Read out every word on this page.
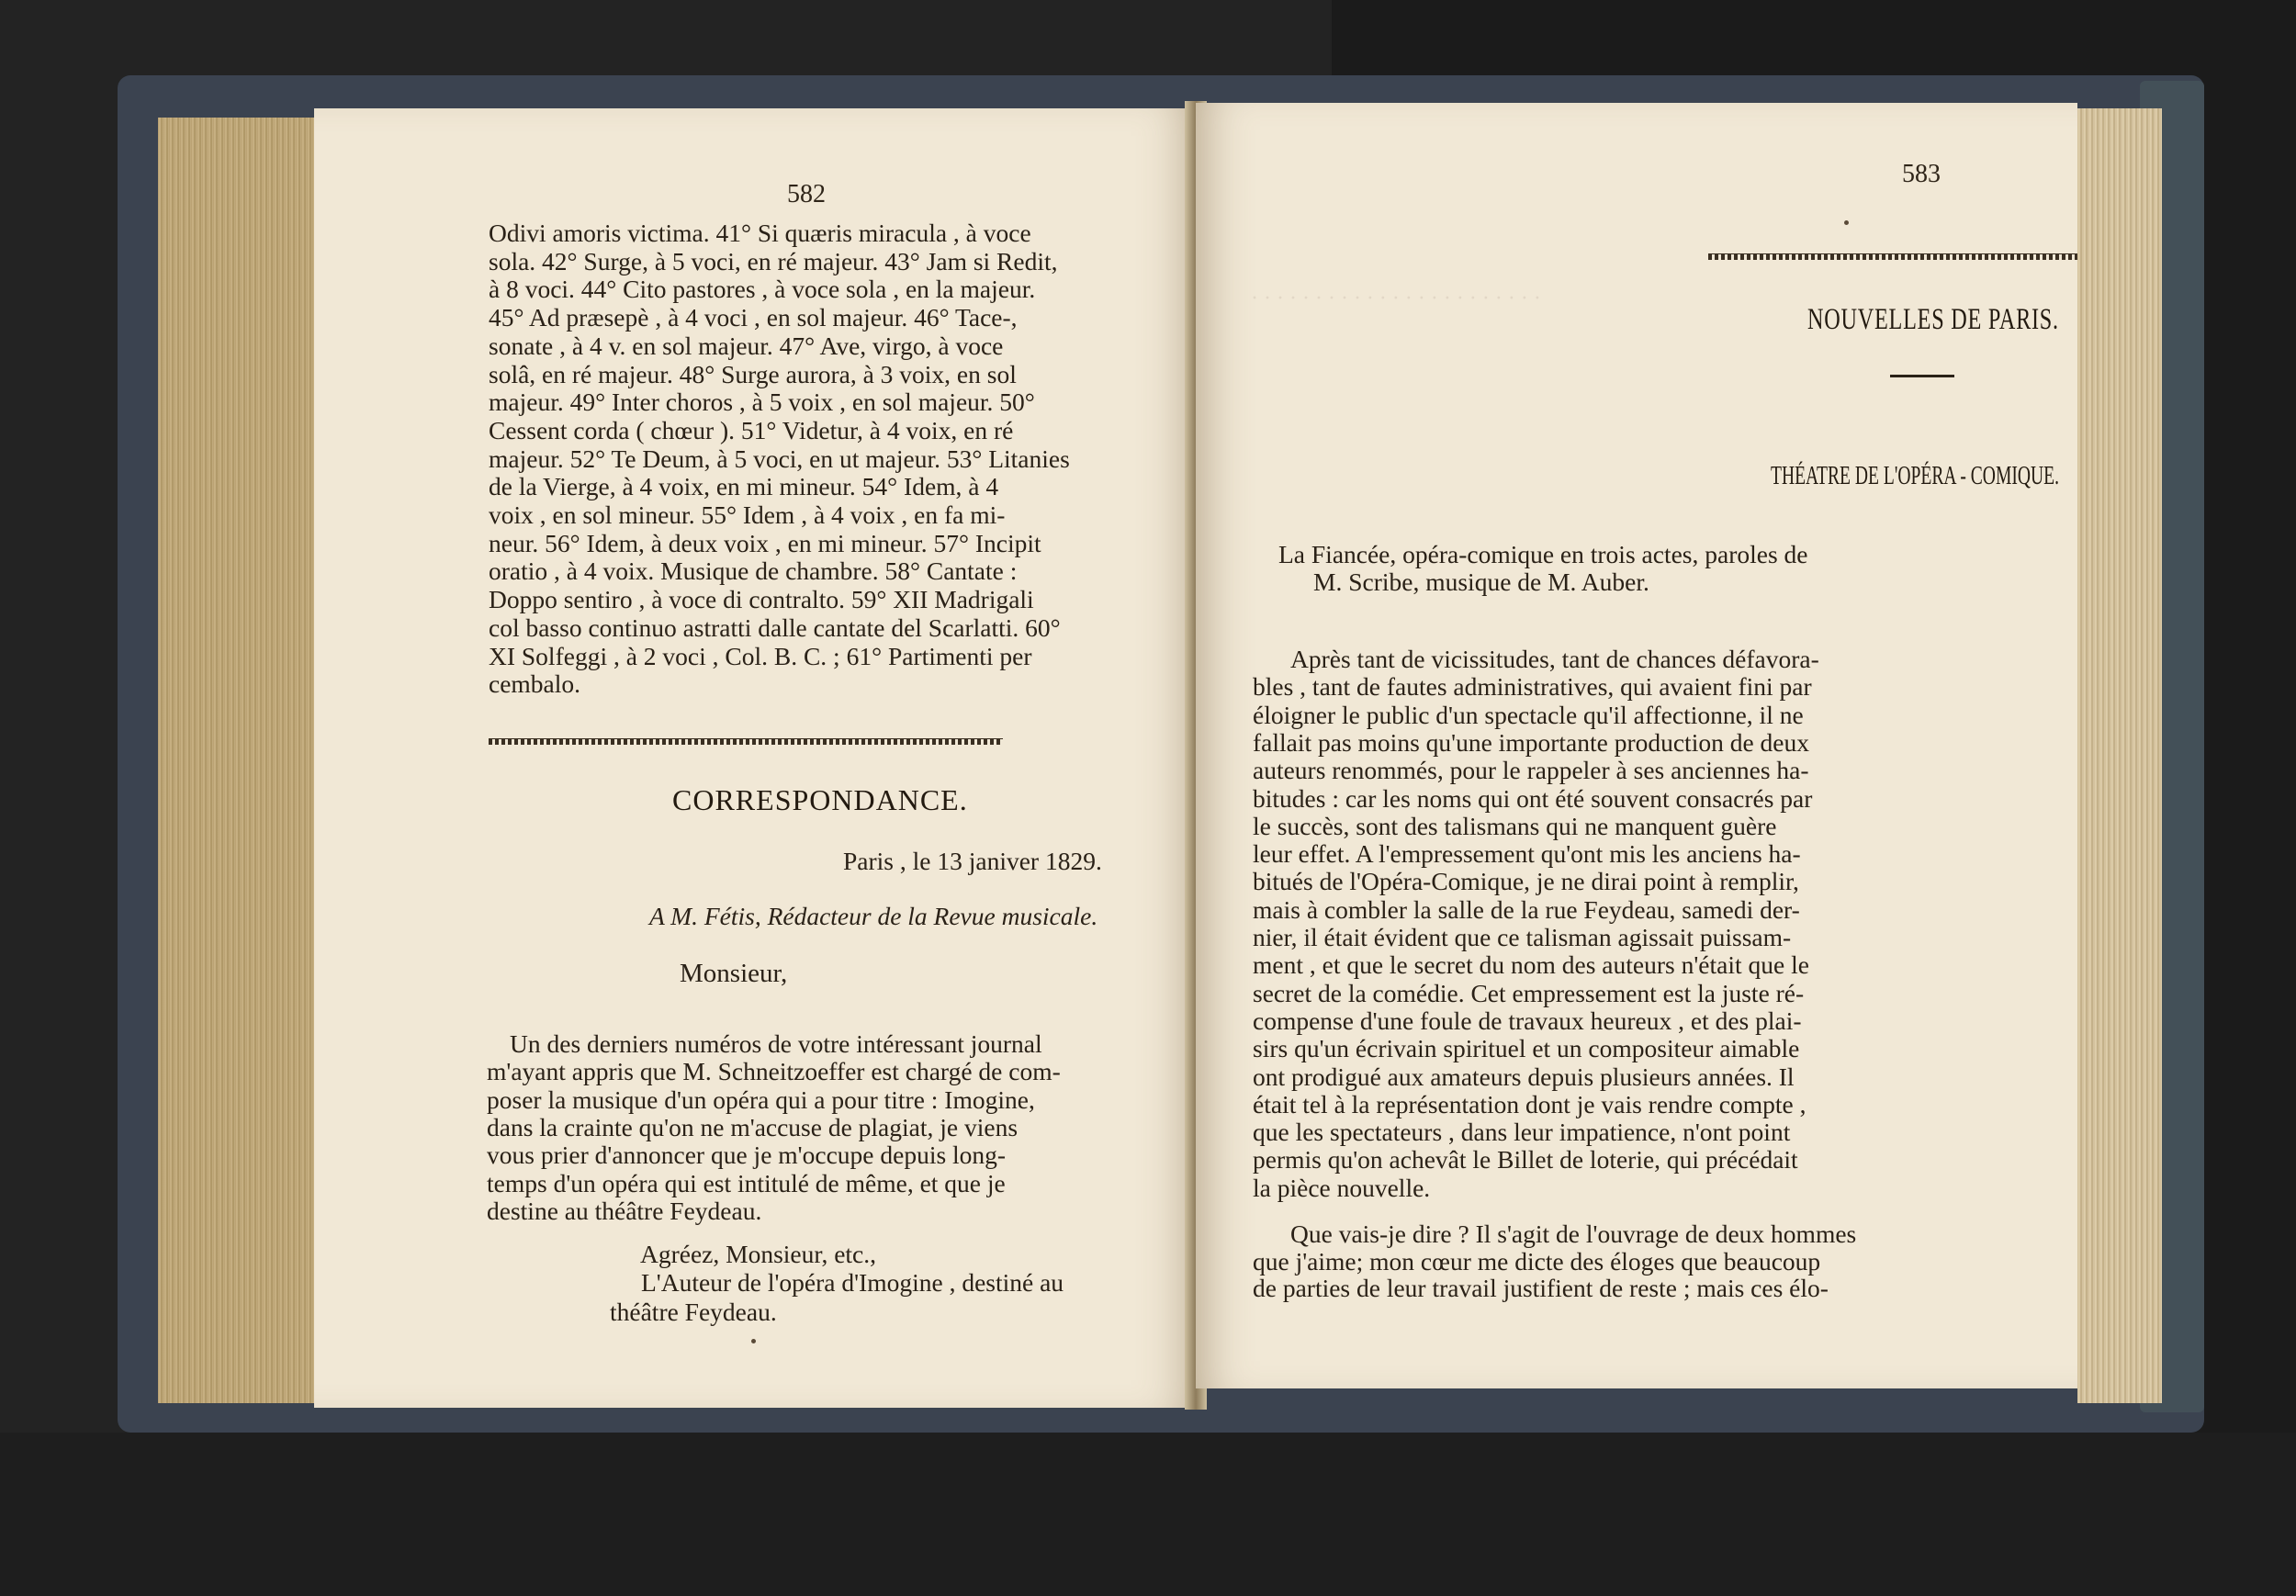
582
Odivi amoris victima. 41° Si quæris miracula , à voce
sola. 42° Surge, à 5 voci, en ré majeur. 43° Jam si Redit,
à 8 voci. 44° Cito pastores , à voce sola , en la majeur.
45° Ad præsepè , à 4 voci , en sol majeur. 46° Tace-,
sonate , à 4 v. en sol majeur. 47° Ave, virgo, à voce
solâ, en ré majeur. 48° Surge aurora, à 3 voix, en sol
majeur. 49° Inter choros , à 5 voix , en sol majeur. 50°
Cessent corda ( chœur ). 51° Videtur, à 4 voix, en ré
majeur. 52° Te Deum, à 5 voci, en ut majeur. 53° Litanies
de la Vierge, à 4 voix, en mi mineur. 54° Idem, à 4
voix , en sol mineur. 55° Idem , à 4 voix , en fa mi-
neur. 56° Idem, à deux voix , en mi mineur. 57° Incipit
oratio , à 4 voix. Musique de chambre. 58° Cantate :
Doppo sentiro , à voce di contralto. 59° XII Madrigali
col basso continuo astratti dalle cantate del Scarlatti. 60°
XI Solfeggi , à 2 voci , Col. B. C. ; 61° Partimenti per
cembalo.
CORRESPONDANCE.
Paris , le 13 janiver 1829.
A M. Fétis, Rédacteur de la Revue musicale.
Monsieur,
Un des derniers numéros de votre intéressant journal
m'ayant appris que M. Schneitzoeffer est chargé de com-
poser la musique d'un opéra qui a pour titre : Imogine,
dans la crainte qu'on ne m'accuse de plagiat, je viens
vous prier d'annoncer que je m'occupe depuis long-
temps d'un opéra qui est intitulé de même, et que je
destine au théâtre Feydeau.
Agréez, Monsieur, etc.,
L'Auteur de l'opéra d'Imogine , destiné au
théâtre Feydeau.
· · · · · · · · · · · · · · · · · · · · · · ·
583
NOUVELLES DE PARIS.
THÉATRE DE L'OPÉRA - COMIQUE.
La Fiancée, opéra-comique en trois actes, paroles de
M. Scribe, musique de M. Auber.
Après tant de vicissitudes, tant de chances défavora-
bles , tant de fautes administratives, qui avaient fini par
éloigner le public d'un spectacle qu'il affectionne, il ne
fallait pas moins qu'une importante production de deux
auteurs renommés, pour le rappeler à ses anciennes ha-
bitudes : car les noms qui ont été souvent consacrés par
le succès, sont des talismans qui ne manquent guère
leur effet. A l'empressement qu'ont mis les anciens ha-
bitués de l'Opéra-Comique, je ne dirai point à remplir,
mais à combler la salle de la rue Feydeau, samedi der-
nier, il était évident que ce talisman agissait puissam-
ment , et que le secret du nom des auteurs n'était que le
secret de la comédie. Cet empressement est la juste ré-
compense d'une foule de travaux heureux , et des plai-
sirs qu'un écrivain spirituel et un compositeur aimable
ont prodigué aux amateurs depuis plusieurs années. Il
était tel à la représentation dont je vais rendre compte ,
que les spectateurs , dans leur impatience, n'ont point
permis qu'on achevât le Billet de loterie, qui précédait
la pièce nouvelle.
Que vais-je dire ? Il s'agit de l'ouvrage de deux hommes
que j'aime; mon cœur me dicte des éloges que beaucoup
de parties de leur travail justifient de reste ; mais ces élo-
